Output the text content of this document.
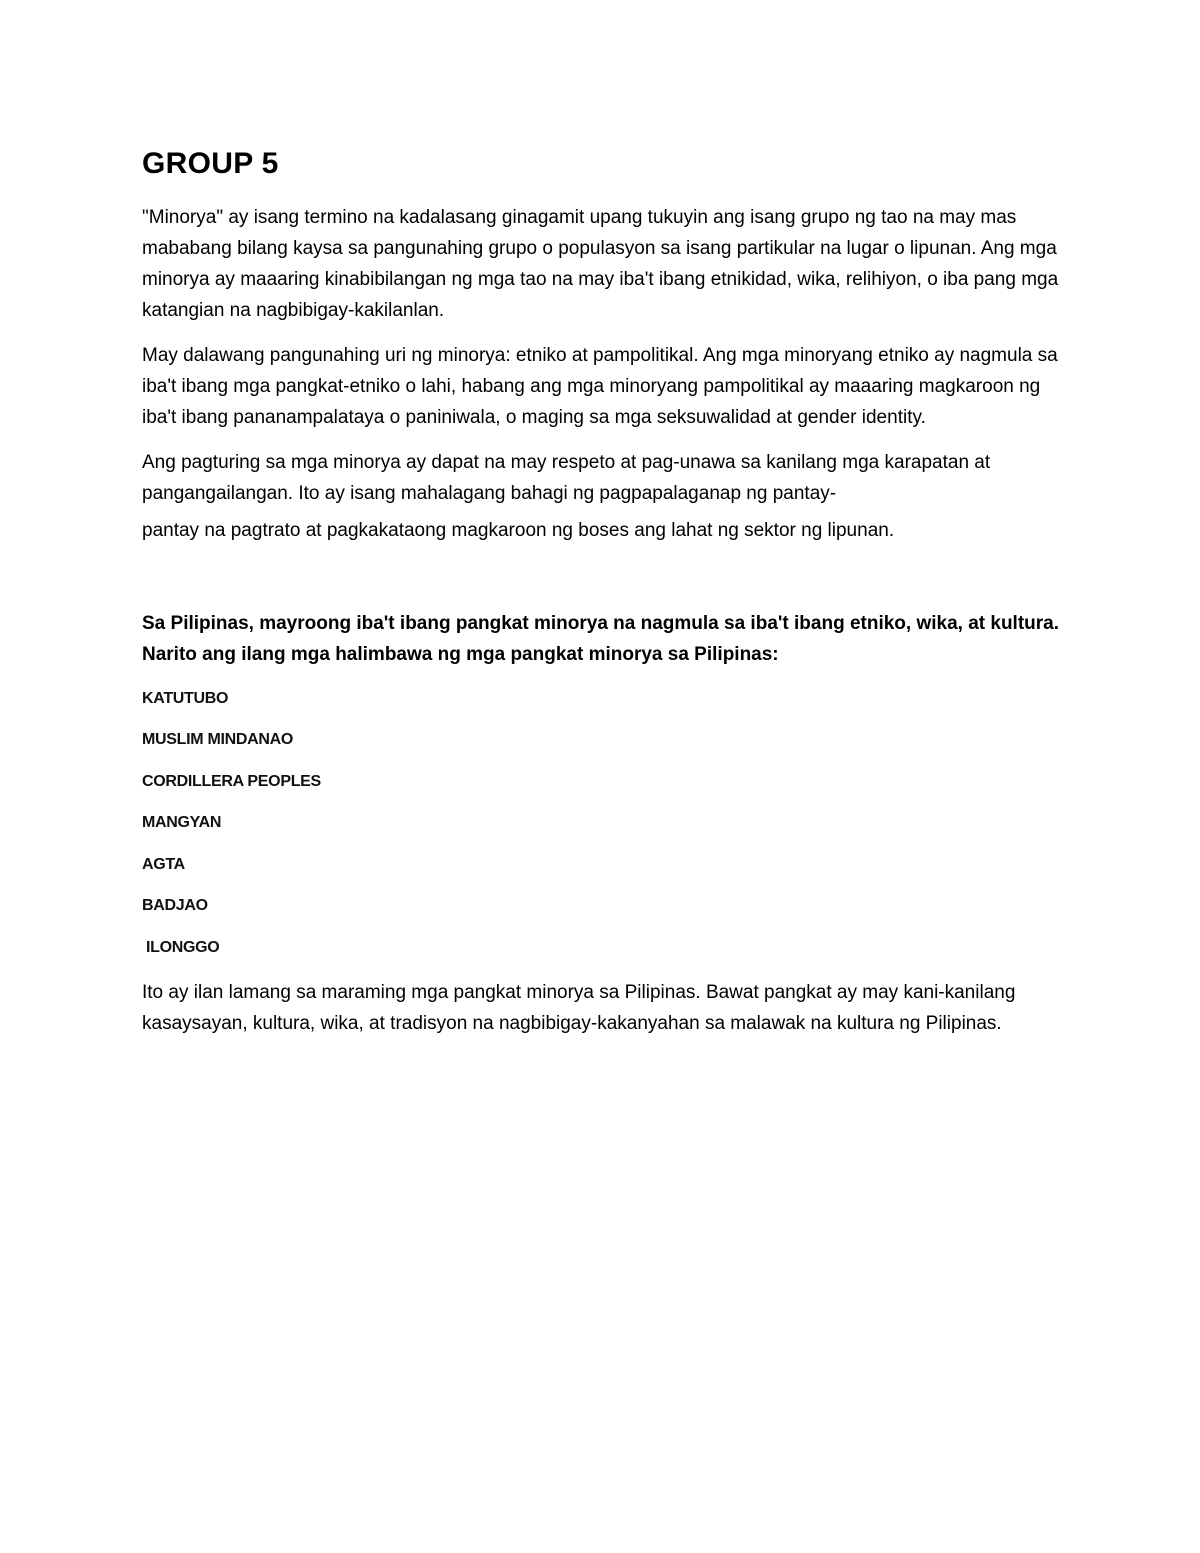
GROUP 5

"Minorya" ay isang termino na kadalasang ginagamit upang tukuyin ang isang grupo ng tao na may mas mababang bilang kaysa sa pangunahing grupo o populasyon sa isang partikular na lugar o lipunan. Ang mga minorya ay maaaring kinabibilangan ng mga tao na may iba't ibang etnikidad, wika, relihiyon, o iba pang mga katangian na nagbibigay-kakilanlan.

May dalawang pangunahing uri ng minorya: etniko at pampolitikal. Ang mga minoryang etniko ay nagmula sa iba't ibang mga pangkat-etniko o lahi, habang ang mga minoryang pampolitikal ay maaaring magkaroon ng iba't ibang pananampalataya o paniniwala, o maging sa mga seksuwalidad at gender identity.

Ang pagturing sa mga minorya ay dapat na may respeto at pag-unawa sa kanilang mga karapatan at pangangailangan. Ito ay isang mahalagang bahagi ng pagpapalaganap ng pantay-
pantay na pagtrato at pagkakataong magkaroon ng boses ang lahat ng sektor ng lipunan.

Sa Pilipinas, mayroong iba't ibang pangkat minorya na nagmula sa iba't ibang etniko, wika, at kultura. Narito ang ilang mga halimbawa ng mga pangkat minorya sa Pilipinas:

KATUTUBO
MUSLIM MINDANAO
CORDILLERA PEOPLES
MANGYAN
AGTA
BADJAO
ILONGGO

Ito ay ilan lamang sa maraming mga pangkat minorya sa Pilipinas. Bawat pangkat ay may kani-kanilang kasaysayan, kultura, wika, at tradisyon na nagbibigay-kakanyahan sa malawak na kultura ng Pilipinas.
